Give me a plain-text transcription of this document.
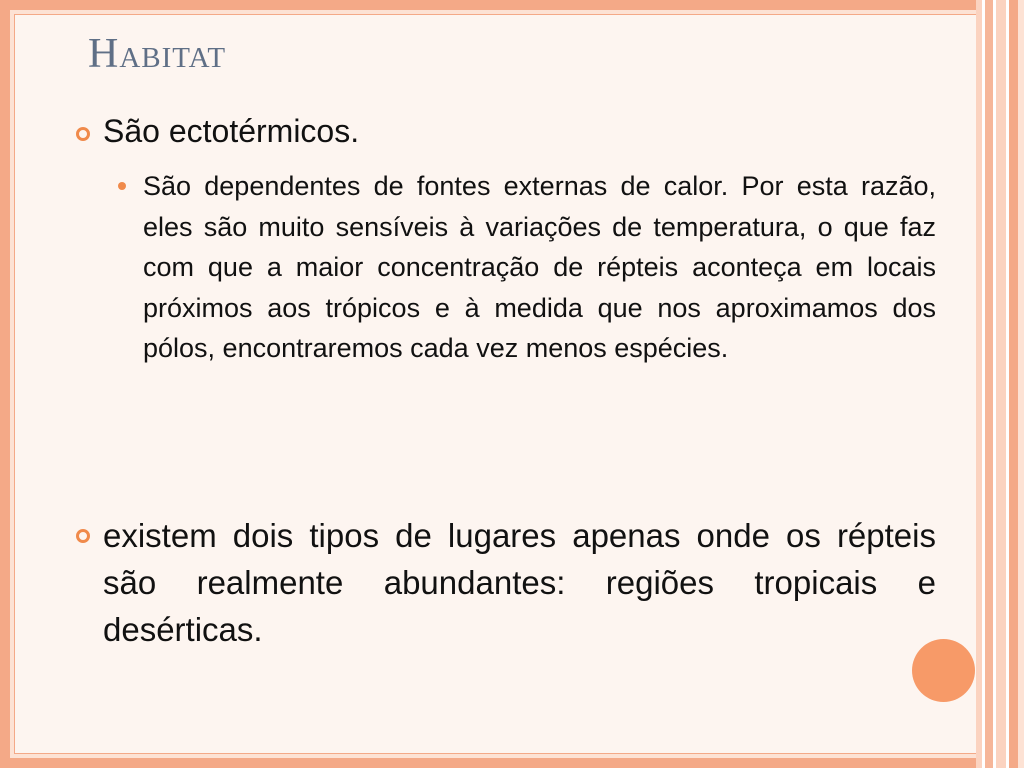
Habitat

São ectotérmicos.

São dependentes de fontes externas de calor. Por esta razão, eles são muito sensíveis à variações de temperatura, o que faz com que a maior concentração de répteis aconteça em locais próximos aos trópicos e à medida que nos aproximamos dos pólos, encontraremos cada vez menos espécies.

existem dois tipos de lugares apenas onde os répteis são realmente abundantes: regiões tropicais e desérticas.
